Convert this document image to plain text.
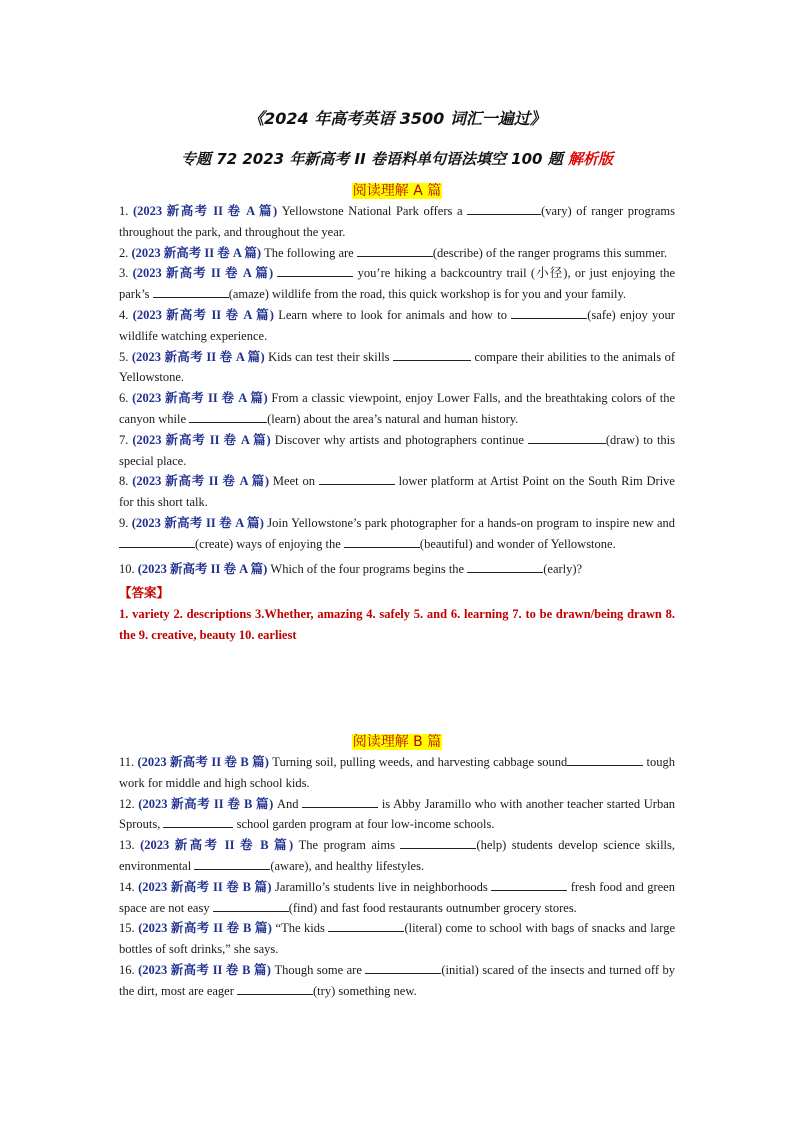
《2024 年高考英语 3500 词汇一遍过》
专题 72 2023 年新高考 II 卷语料单句语法填空 100 题 解析版
阅读理解 A 篇

1. (2023 新高考 II 卷 A 篇) Yellowstone National Park offers a	(vary) of ranger programs throughout the park, and throughout the year.

2. (2023 新高考 II 卷 A 篇) The following are	(describe) of the ranger programs this summer.

3. (2023 新高考 II 卷 A 篇)	you’re hiking a backcountry trail (小径), or just enjoying the park’s	(amaze) wildlife from the road, this quick workshop is for you and your family.

4. (2023 新高考 II 卷 A 篇) Learn where to look for animals and how to	(safe) enjoy your wildlife watching experience.

5. (2023 新高考 II 卷 A 篇) Kids can test their skills	compare their abilities to the animals of Yellowstone.

6. (2023 新高考 II 卷 A 篇) From a classic viewpoint, enjoy Lower Falls, and the breathtaking colors of the canyon while	(learn) about the area’s natural and human history.

7. (2023 新高考 II 卷 A 篇) Discover why artists and photographers continue	(draw) to this special place.

8. (2023 新高考 II 卷 A 篇) Meet on	lower platform at Artist Point on the South Rim Drive for this short talk.

9. (2023 新高考 II 卷 A 篇) Join Yellowstone’s park photographer for a hands-on program to inspire new and (create) ways of enjoying the	(beautiful) and wonder of Yellowstone.

10. (2023 新高考 II 卷 A 篇) Which of the four programs begins the	(early)?

【答案】

1. variety 2. descriptions 3.Whether, amazing 4. safely 5. and 6. learning 7. to be drawn/being drawn 8. the 9. creative, beauty 10. earliest

阅读理解 B 篇

11. (2023 新高考 II 卷 B 篇) Turning soil, pulling weeds, and harvesting cabbage sound	tough work for middle and high school kids.

12. (2023 新高考 II 卷 B 篇) And	is Abby Jaramillo who with another teacher started Urban Sprouts,	school garden program at four low-income schools.

13. (2023 新高考 II 卷 B 篇) The program aims	(help) students develop science skills, environmental	(aware), and healthy lifestyles.

14. (2023 新高考 II 卷 B 篇) Jaramillo’s students live in neighborhoods	fresh food and green space are not easy	(find) and fast food restaurants outnumber grocery stores.

15. (2023 新高考 II 卷 B 篇) “The kids	(literal) come to school with bags of snacks and large bottles of soft drinks,” she says.

16. (2023 新高考 II 卷 B 篇) Though some are	(initial) scared of the insects and turned off by the dirt, most are eager	(try) something new.
